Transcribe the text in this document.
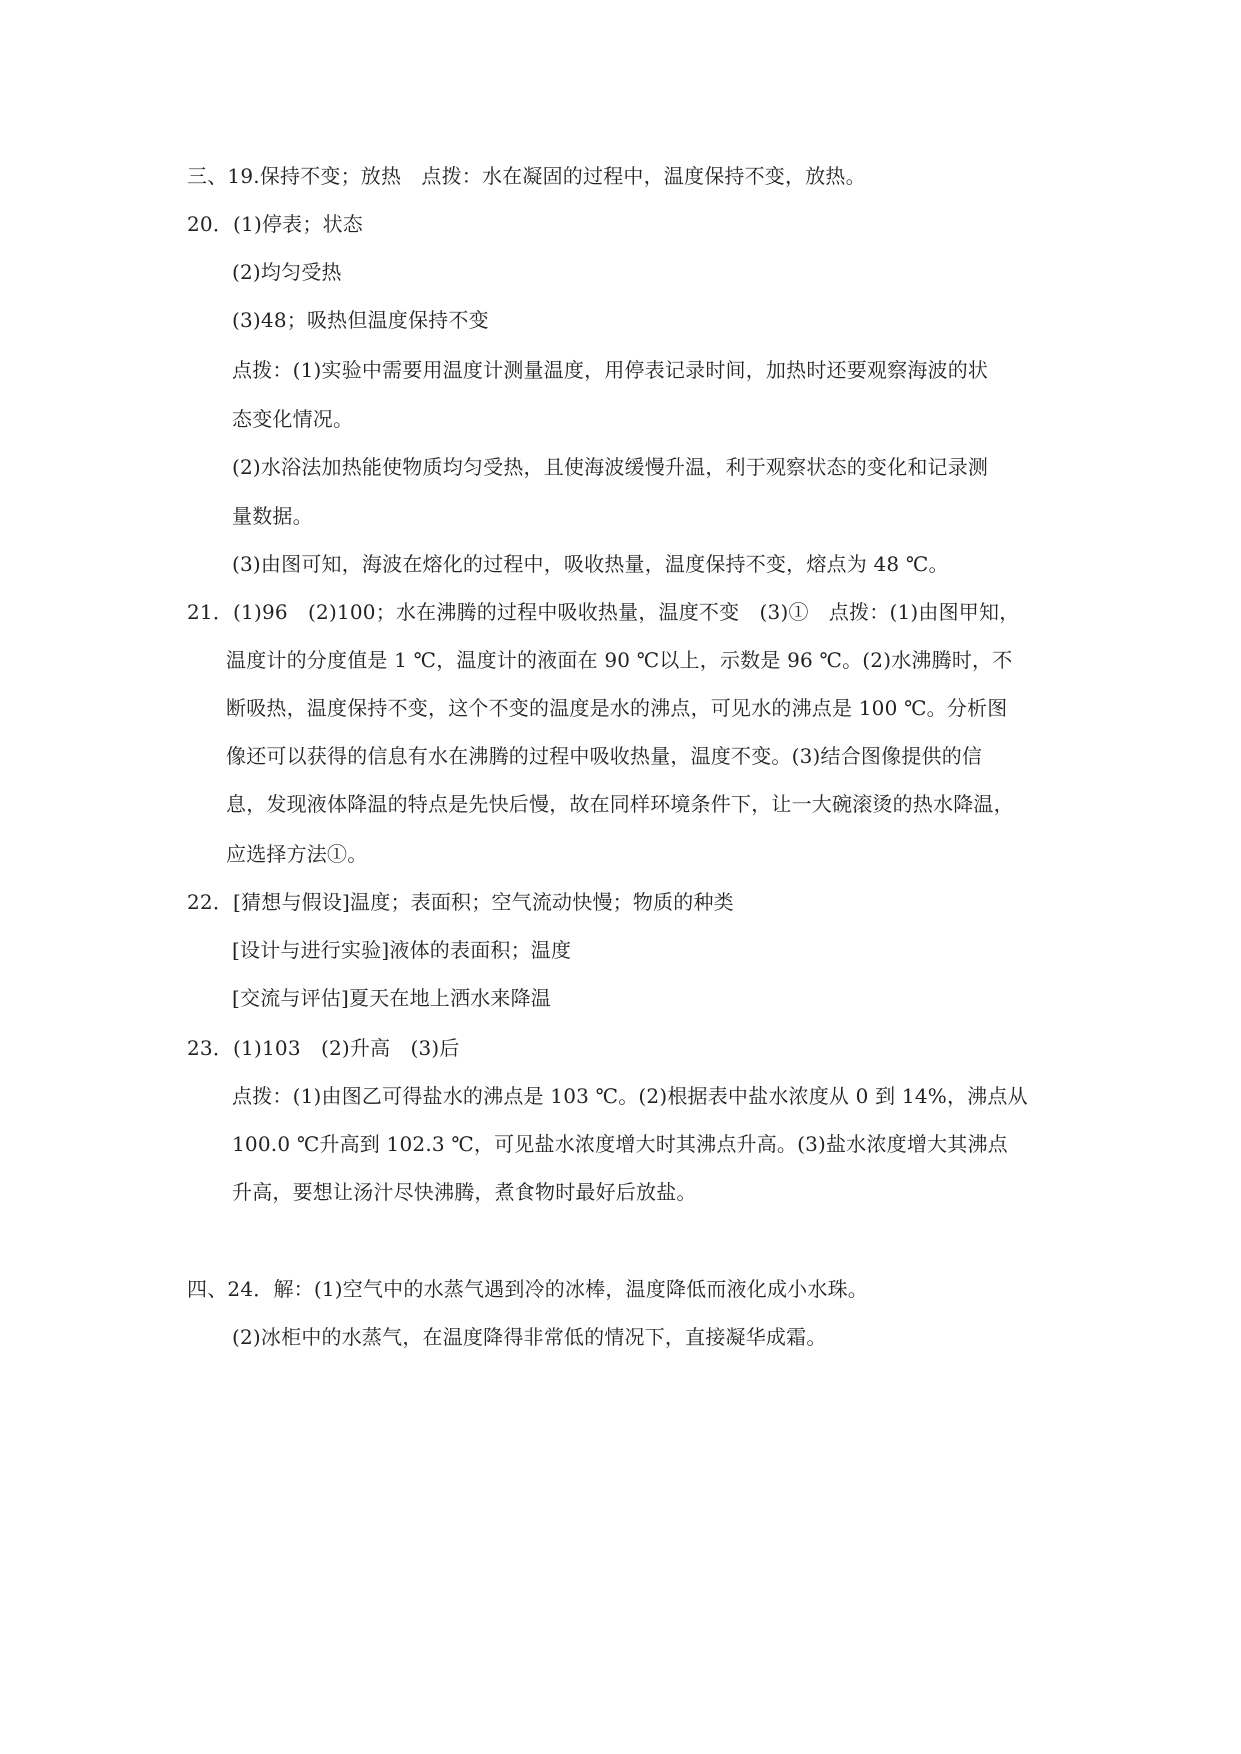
三、19.保持不变；放热　点拨：水在凝固的过程中，温度保持不变，放热。
20．(1)停表；状态
(2)均匀受热
(3)48；吸热但温度保持不变
点拨：(1)实验中需要用温度计测量温度，用停表记录时间，加热时还要观察海波的状
态变化情况。
(2)水浴法加热能使物质均匀受热，且使海波缓慢升温，利于观察状态的变化和记录测
量数据。
(3)由图可知，海波在熔化的过程中，吸收热量，温度保持不变，熔点为 48 ℃。
21．(1)96　(2)100；水在沸腾的过程中吸收热量，温度不变　(3)①　点拨：(1)由图甲知，
温度计的分度值是 1 ℃，温度计的液面在 90 ℃以上，示数是 96 ℃。(2)水沸腾时，不
断吸热，温度保持不变，这个不变的温度是水的沸点，可见水的沸点是 100 ℃。分析图
像还可以获得的信息有水在沸腾的过程中吸收热量，温度不变。(3)结合图像提供的信
息，发现液体降温的特点是先快后慢，故在同样环境条件下，让一大碗滚烫的热水降温，
应选择方法①。
22．[猜想与假设]温度；表面积；空气流动快慢；物质的种类
[设计与进行实验]液体的表面积；温度
[交流与评估]夏天在地上洒水来降温
23．(1)103　(2)升高　(3)后
点拨：(1)由图乙可得盐水的沸点是 103 ℃。(2)根据表中盐水浓度从 0 到 14%，沸点从
100.0 ℃升高到 102.3 ℃，可见盐水浓度增大时其沸点升高。(3)盐水浓度增大其沸点
升高，要想让汤汁尽快沸腾，煮食物时最好后放盐。
四、24．解：(1)空气中的水蒸气遇到冷的冰棒，温度降低而液化成小水珠。
(2)冰柜中的水蒸气，在温度降得非常低的情况下，直接凝华成霜。
